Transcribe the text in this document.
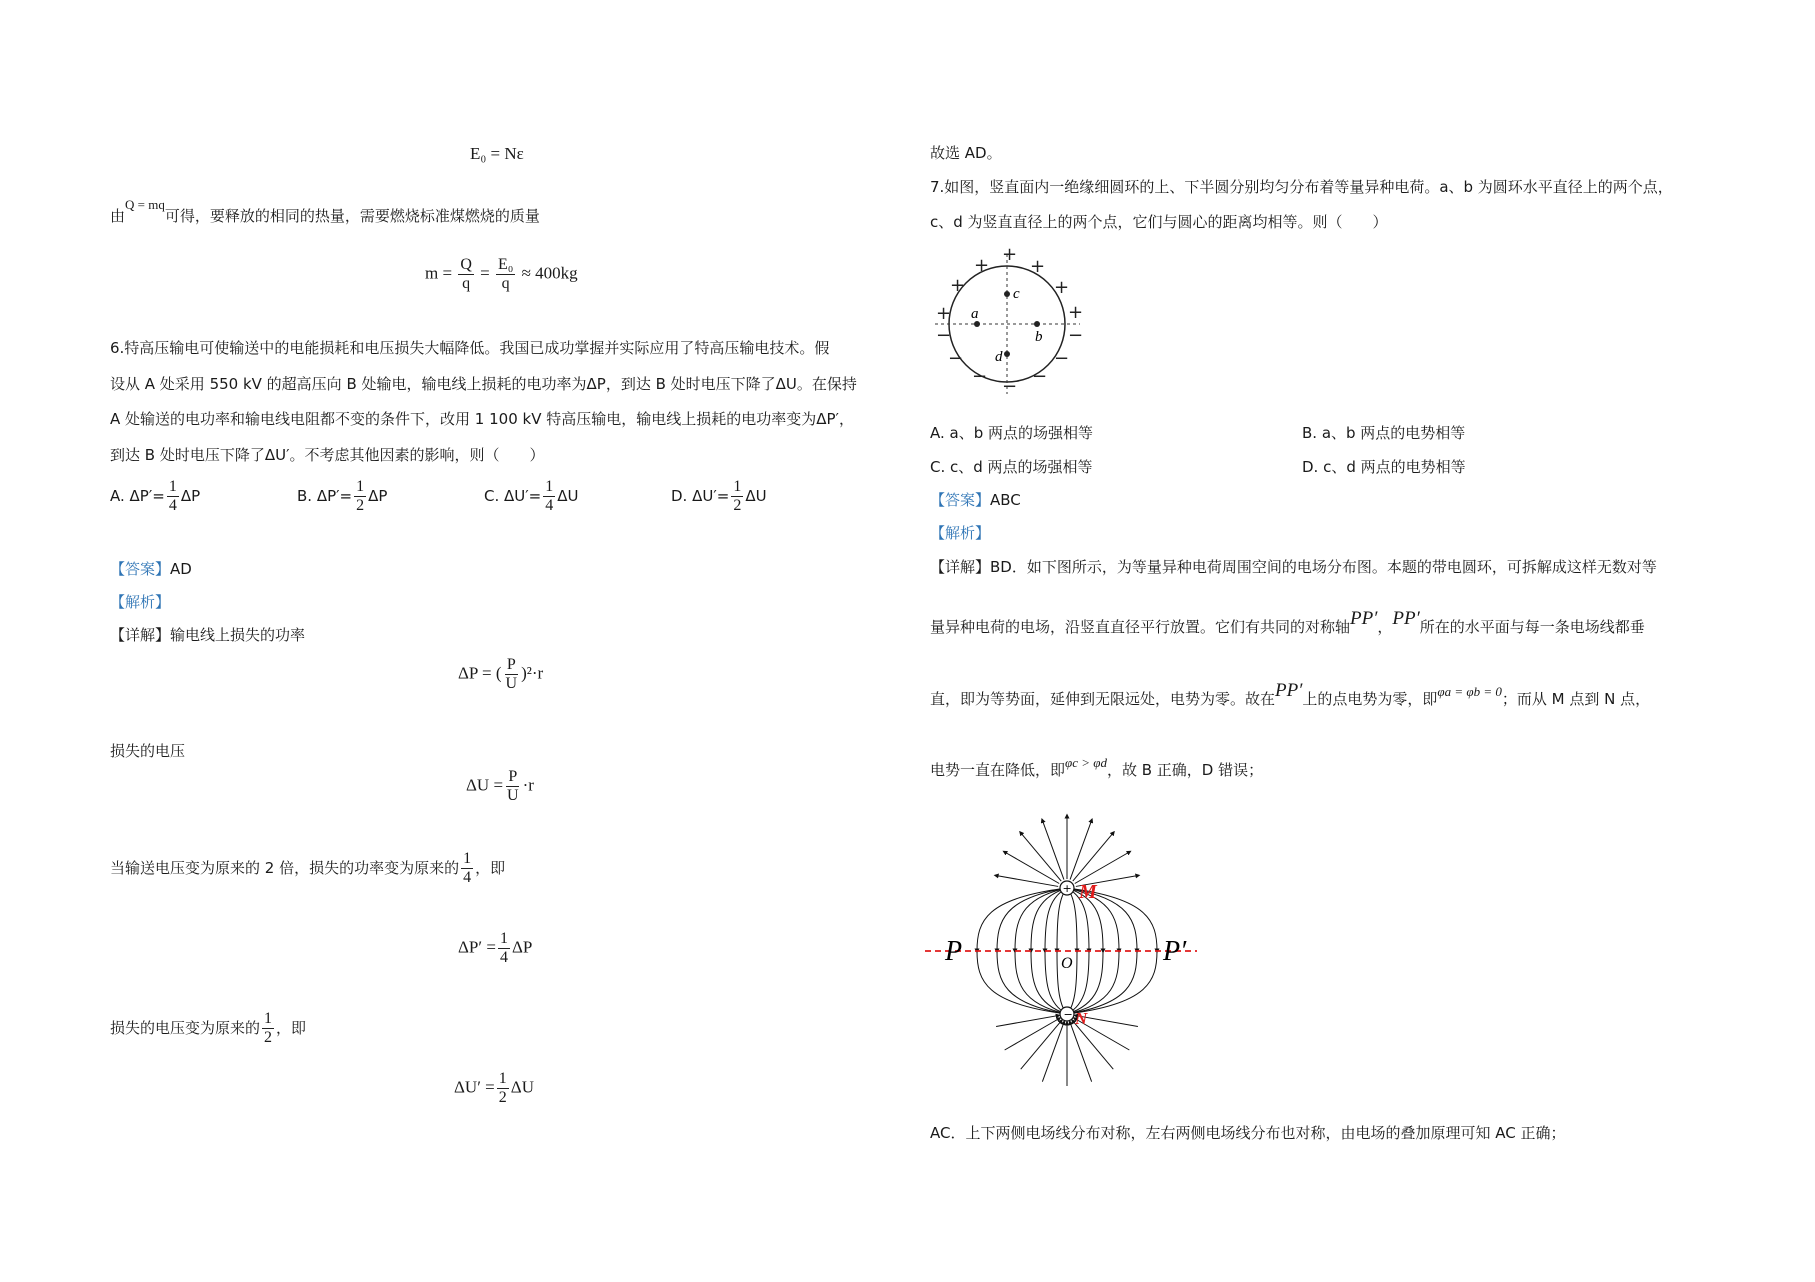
E₀ = Nε
由Q = mq可得，要释放的相同的热量，需要燃烧标准煤燃烧的质量
$m = \frac{Q}{q} = \frac{\text{E₀}}{q} \approx 400kg$
6.特高压输电可使输送中的电能损耗和电压损失大幅降低。我国已成功掌握并实际应用了特高压输电技术。假
设从 A 处采用 550 kV 的超高压向 B 处输电，输电线上损耗的电功率为ΔP，到达 B 处时电压下降了ΔU。在保持
A 处输送的电功率和输电线电阻都不变的条件下，改用 1 100 kV 特高压输电，输电线上损耗的电功率变为ΔP′，
到达 B 处时电压下降了ΔU′。不考虑其他因素的影响，则（　　）
A. $\Delta P'= \frac{1}{4}$ ΔP	B. $\Delta P'= \frac{1}{2}$ ΔP	C. $\Delta U'= \frac{1}{4}$ ΔU	D. $\Delta U'= \frac{1}{2}$ ΔU
【答案】AD
【解析】
【详解】输电线上损失的功率
ΔP = ( $\frac{P}{U} )^2\cdot r$
损失的电压
$\Delta U = \frac{P}{U} \cdot r$
当输送电压变为原来的 2 倍，损失的功率变为原来的 $\frac{1}{4}$ ，即
$\Delta P' = \frac{1}{4}$ ΔP
损失的电压变为原来的 $\frac{1}{2}$ ，即
$\Delta U' = \frac{1}{2}$ ΔU
故选 AD。
7.如图，竖直面内一绝缘细圆环的上、下半圆分别均匀分布着等量异种电荷。a、b 为圆环水平直径上的两个点，
c、d 为竖直直径上的两个点，它们与圆心的距离均相等。则（　　）
a
b
c
d
+
+ +
+	+
+	+
−	−
−	−
− −
−
A. a、b 两点的场强相等	B. a、b 两点的电势相等
C. c、d 两点的场强相等	D. c、d 两点的电势相等
【答案】ABC
【解析】
【详解】BD．如下图所示，为等量异种电荷周围空间的电场分布图。本题的带电圆环，可拆解成这样无数对等
量异种电荷的电场，沿竖直直径平行放置。它们有共同的对称轴PP′，PP′所在的水平面与每一条电场线都垂
直，即为等势面，延伸到无限远处，电势为零。故在PP′上的点电势为零，即φa = φb = 0；而从 M 点到 N 点，
电势一直在降低，即φc > φd，故 B 正确，D 错误；
+
−
M
N
P	P′
O
AC．上下两侧电场线分布对称，左右两侧电场线分布也对称，由电场的叠加原理可知 AC 正确；
